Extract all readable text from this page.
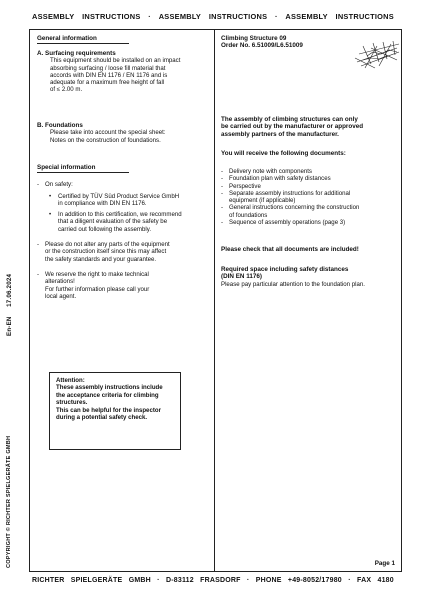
ASSEMBLY INSTRUCTIONS · ASSEMBLY INSTRUCTIONS · ASSEMBLY INSTRUCTIONS
General information
A. Surfacing requirements
This equipment should be installed on an impact
absorbing surfacing / loose fill material that
accords with DIN EN 1176 / EN 1176 and is
adequate for a maximum free height of fall
of ≤ 2.00 m.
B. Foundations
Please take into account the special sheet:
Notes on the construction of foundations.
Special information
- On safety:
• Certified by TÜV Süd Product Service GmbH
in compliance with DIN EN 1176.
• In addition to this certification, we recommend
that a diligent evaluation of the safety be
carried out following the assembly.
- Please do not alter any parts of the equipment
or the construction itself since this may affect
the safety standards and your guarantee.
- We reserve the right to make technical
alterations!
For further information please call your
local agent.
Attention:
These assembly instructions include
the acceptance criteria for climbing
structures.
This can be helpful for the inspector
during a potential safety check.
Climbing Structure 09
Order No. 6.51009/L6.51009
The assembly of climbing structures can only
be carried out by the manufacturer or approved
assembly partners of the manufacturer.
You will receive the following documents:
- Delivery note with components
- Foundation plan with safety distances
- Perspective
- Separate assembly instructions for additional
equipment (if applicable)
- General instructions concerning the construction
of foundations
- Sequence of assembly operations (page 3)
Please check that all documents are included!
Required space including safety distances
(DIN EN 1176)
Please pay particular attention to the foundation plan.
Page 1
En-EN     17.06.2024
COPYRIGHT © RICHTER SPIELGERÄTE GMBH
RICHTER SPIELGERÄTE GMBH · D-83112 FRASDORF · PHONE +49-8052/17980 · FAX 4180
